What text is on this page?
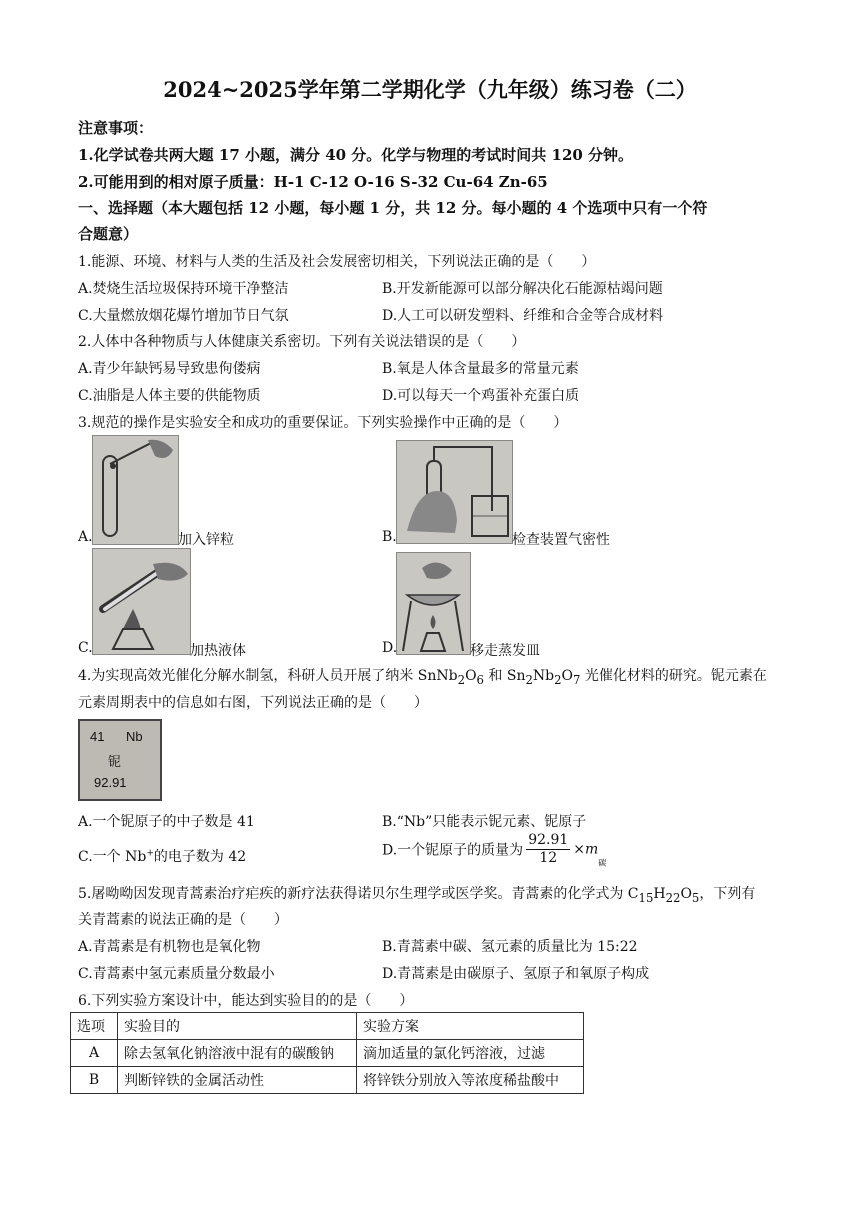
2024~2025学年第二学期化学（九年级）练习卷（二）
注意事项：
1.化学试卷共两大题 17 小题，满分 40 分。化学与物理的考试时间共 120 分钟。
2.可能用到的相对原子质量：H-1 C-12 O-16 S-32 Cu-64 Zn-65
一、选择题（本大题包括 12 小题，每小题 1 分，共 12 分。每小题的 4 个选项中只有一个符
合题意）
1.能源、环境、材料与人类的生活及社会发展密切相关，下列说法正确的是（　　）
A.焚烧生活垃圾保持环境干净整洁	B.开发新能源可以部分解决化石能源枯竭问题
C.大量燃放烟花爆竹增加节日气氛	D.人工可以研发塑料、纤维和合金等合成材料
2.人体中各种物质与人体健康关系密切。下列有关说法错误的是（　　）
A.青少年缺钙易导致患佝偻病	B.氧是人体含量最多的常量元素
C.油脂是人体主要的供能物质	D.可以每天一个鸡蛋补充蛋白质
3.规范的操作是实验安全和成功的重要保证。下列实验操作中正确的是（　　）
A.	加入锌粒	B.	检查装置气密性
C.	加热液体	D.	移走蒸发皿
4.为实现高效光催化分解水制氢，科研人员开展了纳米 $SnNb_2O_6$ 和 $Sn_2Nb_2O_7$ 光催化材料的研究。铌元素在
元素周期表中的信息如右图，下列说法正确的是（　　）
41 Nb
铌
92.91
A.一个铌原子的中子数是 41	B.“Nb”只能表示铌元素、铌原子
C.一个 Nb+的电子数为 42	D.一个铌原子的质量为 $\frac{92.91}{12} \times m_碳$
5.屠呦呦因发现青蒿素治疗疟疾的新疗法获得诺贝尔生理学或医学奖。青蒿素的化学式为 $C_{15}H_{22}O_5$，下列有
关青蒿素的说法正确的是（　　）
A.青蒿素是有机物也是氧化物	B.青蒿素中碳、氢元素的质量比为 15:22
C.青蒿素中氢元素质量分数最小	D.青蒿素是由碳原子、氢原子和氧原子构成
6.下列实验方案设计中，能达到实验目的的是（　　）
选项	实验目的	实验方案
A	除去氢氧化钠溶液中混有的碳酸钠	滴加适量的氯化钙溶液，过滤
B	判断锌铁的金属活动性	将锌铁分别放入等浓度稀盐酸中
